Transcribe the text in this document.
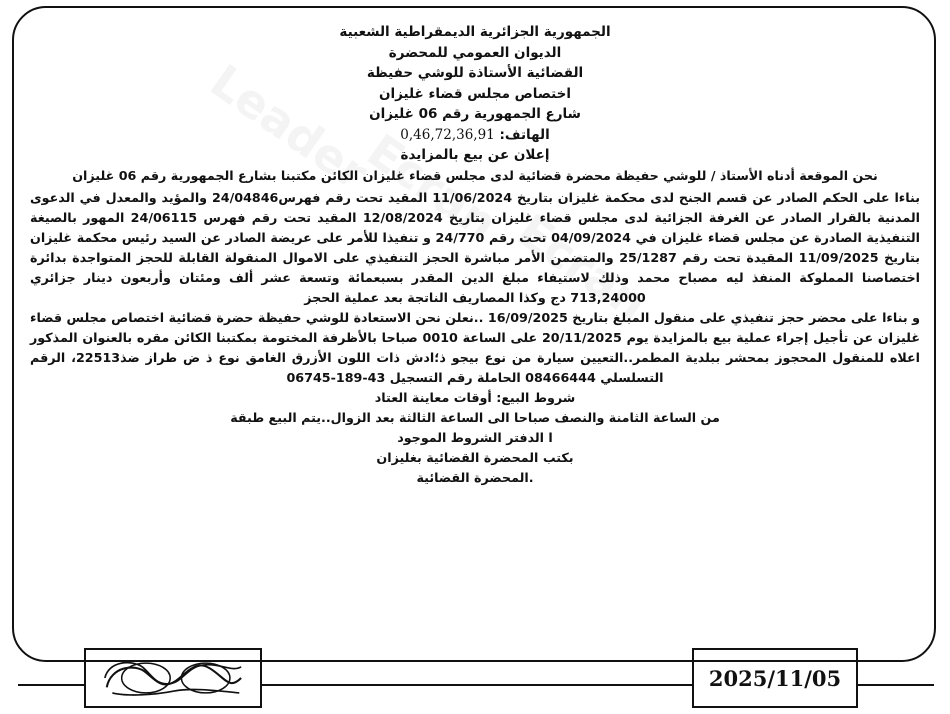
الجمهورية الجزائرية الديمقراطية الشعبية
الديوان العمومي للمحضرة
القضائية الأستاذة للوشي حفيظة
اختصاص مجلس قضاء غليزان
شارع الجمهورية رقم 06 غليزان
الهاتف: 0,46,72,36,91
إعلان عن بيع بالمزايدة

نحن الموقعة أدناه الأستاذ / للوشي حفيظة محضرة قضائية لدى مجلس قضاء غليزان الكائن مكتبنا بشارع الجمهورية رقم 06 غليزان

بناءا على الحكم الصادر عن قسم الجنح لدى محكمة غليزان بتاريخ 11/06/2024 المقيد تحت رقم فهرس24/04846 والمؤيد والمعدل في الدعوى المدنية بالقرار الصادر عن الغرفة الجزائية لدى مجلس قضاء غليزان بتاريخ 12/08/2024 المقيد تحت رقم فهرس 24/06115 المهور بالصيغة التنفيذية الصادرة عن مجلس قضاء غليزان في 04/09/2024 تحت رقم 24/770 و تنفيذا للأمر على عريضة الصادر عن السيد رئيس محكمة غليزان بتاريخ 11/09/2025 المقيدة تحت رقم 25/1287 والمتضمن الأمر مباشرة الحجز التنفيذي على الاموال المنقولة القابلة للحجز المتواجدة بدائرة اختصاصنا المملوكة المنفذ ليه مصباح محمد وذلك لاستيفاء مبلغ الدين المقدر بسبعمائة وتسعة عشر ألف ومئتان وأربعون دينار جزائري 713,24000 دج وكذا المصاريف الناتجة بعد عملية الحجز

و بناءا على محضر حجز تنفيذي على منقول المبلغ بتاريخ 16/09/2025 ..نعلن نحن الاستعادة للوشي حفيظة حضرة قضائية اختصاص مجلس قضاء غليزان عن تأجيل إجراء عملية بيع بالمزايدة يوم 20/11/2025 على الساعة 0010 صباحا بالأظرفة المختومة بمكتبنا الكائن مقره بالعنوان المذكور اعلاه للمنقول المحجوز بمحشر ببلدية المطمر..التعيين سيارة من نوع بيجو ذ؛ادش ذات اللون الأزرق الغامق نوع ذ ض طراز ضذ22513، الرقم التسلسلي 08466444 الحاملة رقم التسجيل 43-189-06745

شروط البيع: أوقات معاينة العتاد

من الساعة الثامنة والنصف صباحا الى الساعة الثالثة بعد الزوال..يتم البيع طبقة

ا الدفتر الشروط الموجود

بكتب المحضرة القضائية بغليزان

.المحضرة القضائية

2025/11/05
